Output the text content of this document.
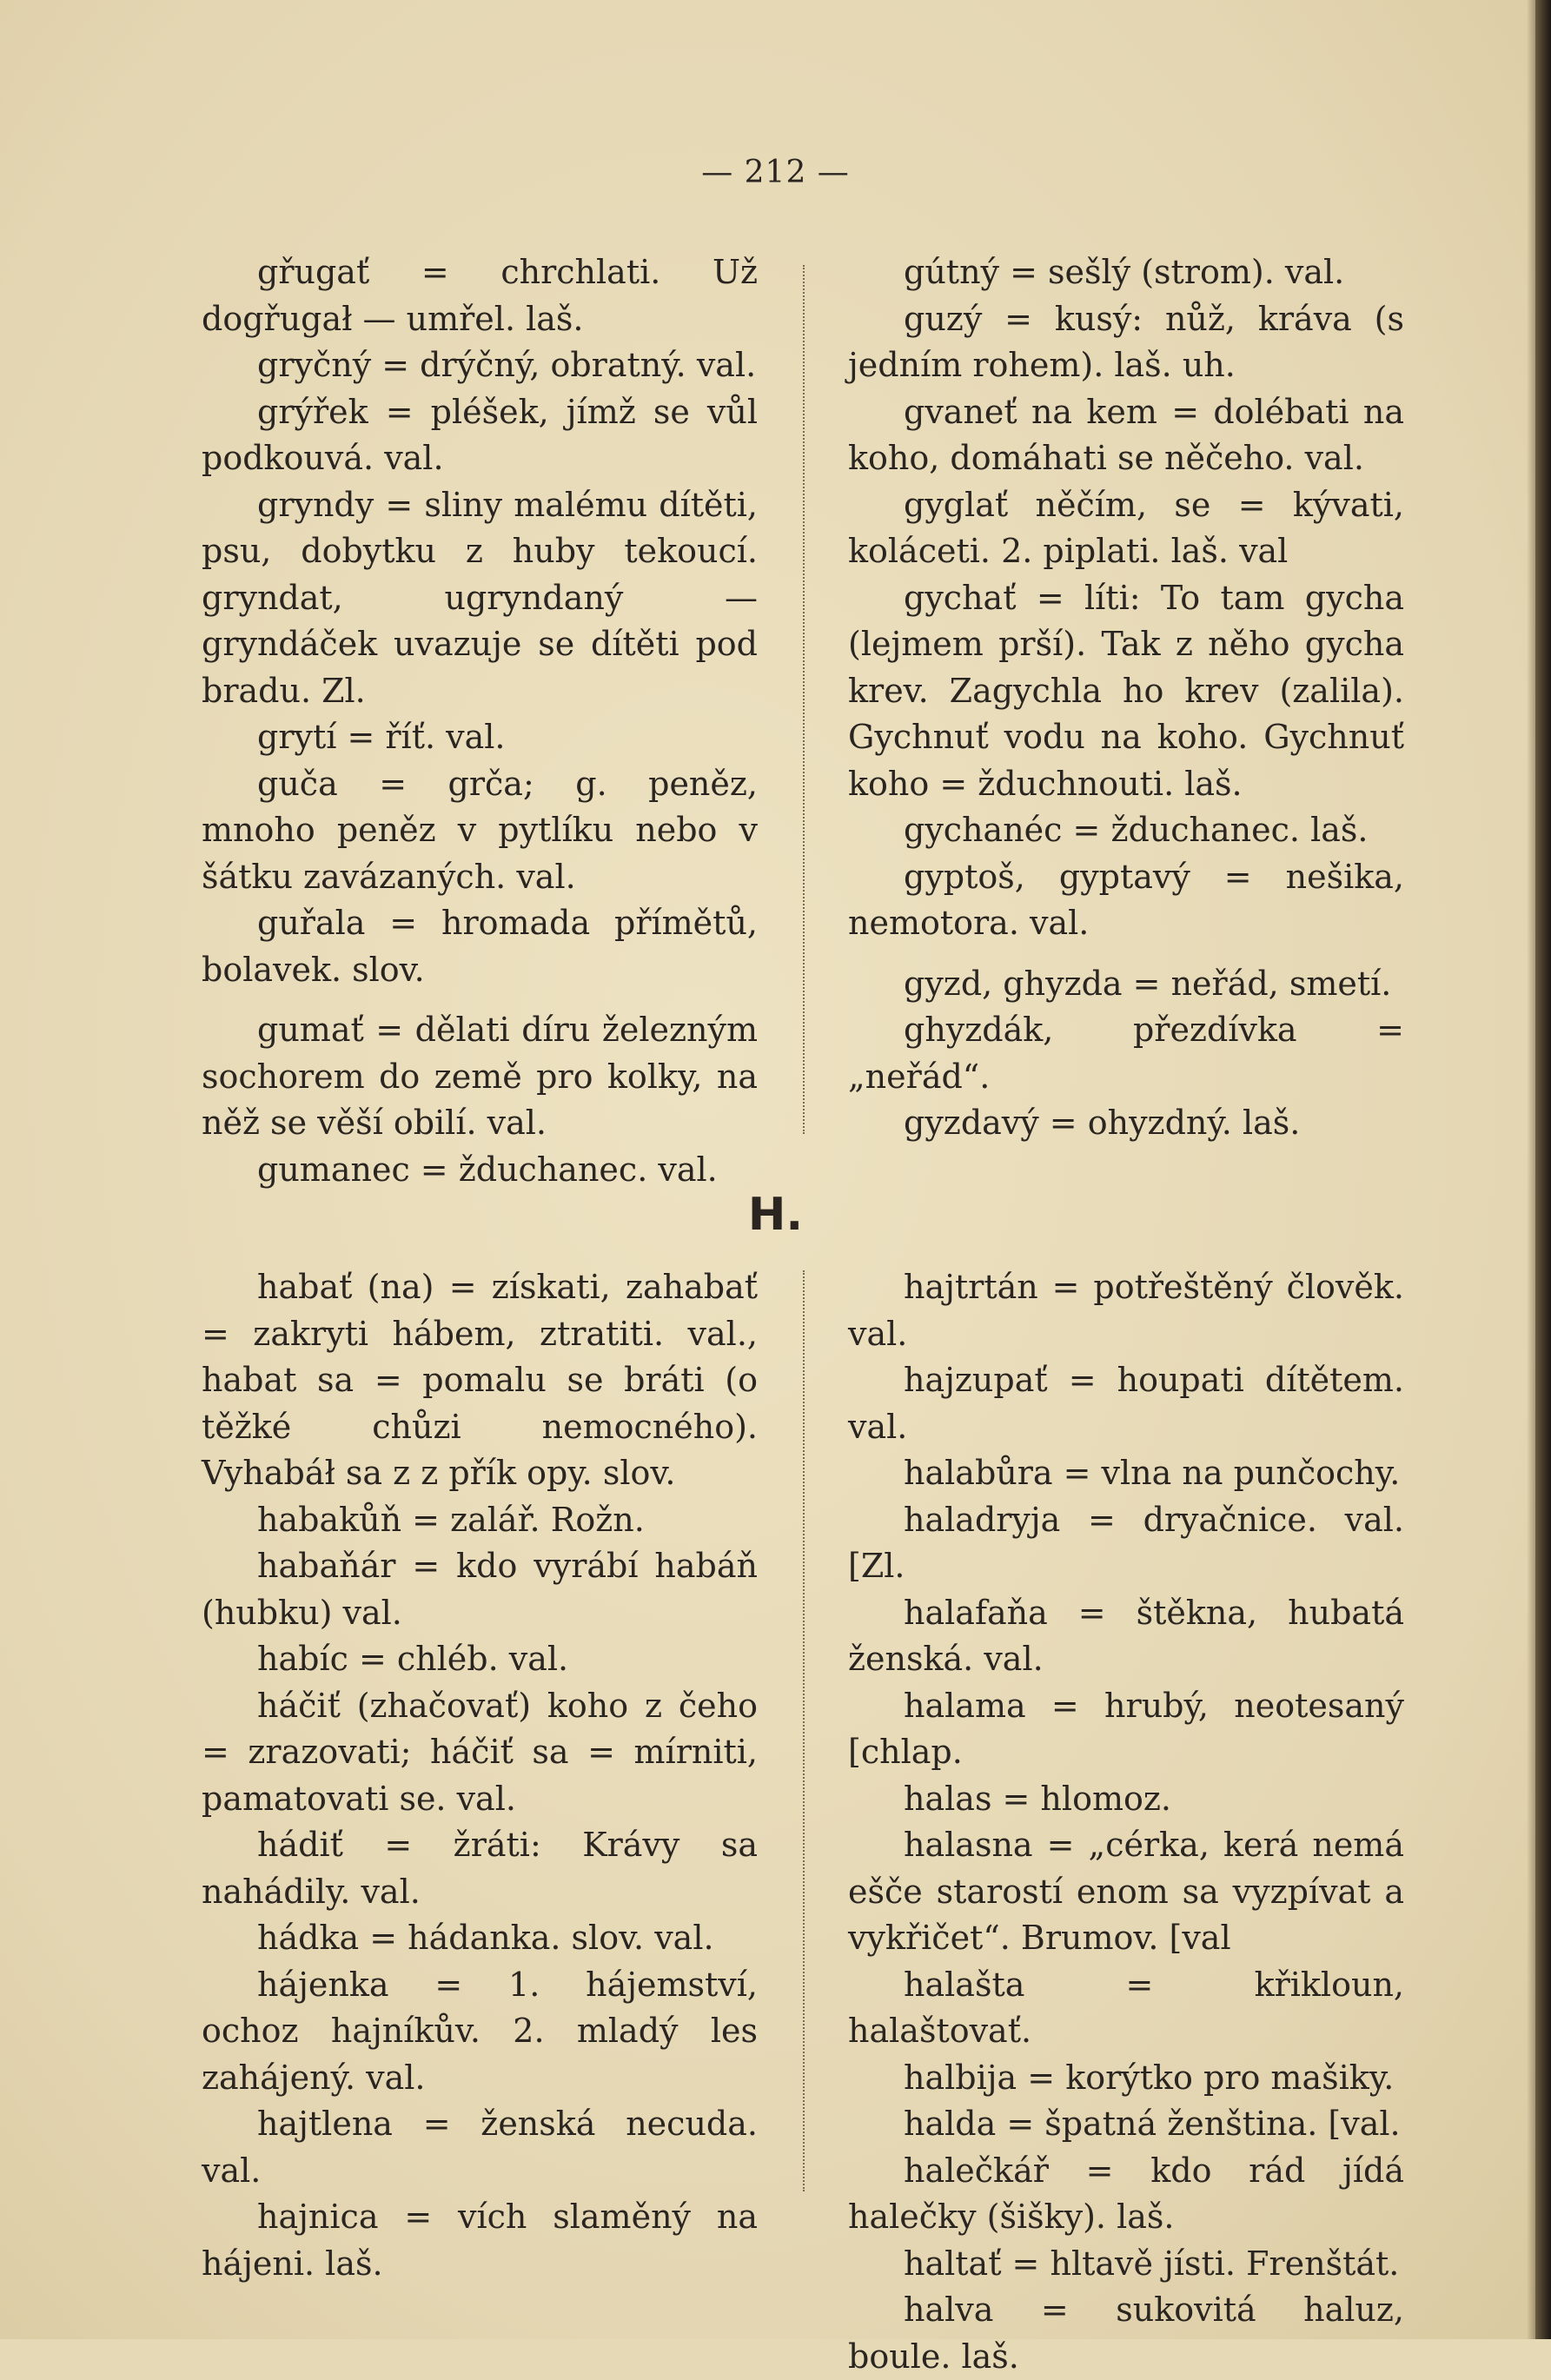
— 212 —

gřugať = chrchlati. Už dogřugał — umřel. laš.

gryčný = drýčný, obratný. val.

grýřek = pléšek, jímž se vůl podkouvá. val.

gryndy = sliny malému dítěti, psu, dobytku z huby tekoucí. gryndat, ugryndaný — gryndáček uvazuje se dítěti pod bradu. Zl.

grytí = říť. val.

guča = grča; g. peněz, mnoho peněz v pytlíku nebo v šátku zavázaných. val.

guřala = hromada přímětů, bolavek. slov.

gumať = dělati díru železným sochorem do země pro kolky, na něž se věší obilí. val.

gumanec = žduchanec. val.

gútný = sešlý (strom). val.

guzý = kusý: nůž, kráva (s jedním rohem). laš. uh.

gvaneť na kem = dolébati na koho, domáhati se něčeho. val.

gyglať něčím, se = kývati, koláceti. 2. piplati. laš. val

gychať = líti: To tam gycha (lejmem prší). Tak z něho gycha krev. Zagychla ho krev (zalila). Gychnuť vodu na koho. Gychnuť koho = žduchnouti. laš.

gychanéc = žduchanec. laš.

gyptoš, gyptavý = nešika, nemotora. val.

gyzd, ghyzda = neřád, smetí.

ghyzdák, přezdívka = „neřád“.

gyzdavý = ohyzdný. laš.

H.

habať (na) = získati, zahabať = zakryti hábem, ztratiti. val., habat sa = pomalu se bráti (o těžké chůzi nemocného). Vyhabáł sa z z přík opy. slov.

habakůň = zalář. Rožn.

habaňár = kdo vyrábí habáň (hubku) val.

habíc = chléb. val.

háčiť (zhačovať) koho z čeho = zrazovati; háčiť sa = mírniti, pamatovati se. val.

hádiť = žráti: Krávy sa nahádily. val.

hádka = hádanka. slov. val.

hájenka = 1. hájemství, ochoz hajníkův. 2. mladý les zahájený. val.

hajtlena = ženská necuda. val.

hajnica = vích slaměný na hájeni. laš.

hajtrtán = potřeštěný člověk. val.

hajzupať = houpati dítětem. val.

halabůra = vlna na punčochy.

haladryja = dryačnice. val. [Zl.

halafaňa = štěkna, hubatá ženská. val.

halama = hrubý, neotesaný [chlap.

halas = hlomoz.

halasna = „cérka, kerá nemá ešče starostí enom sa vyzpívat a vykřičet“. Brumov. [val

halašta = křikloun, halaštovať.

halbija = korýtko pro mašiky.

halda = špatná ženština. [val.

halečkář = kdo rád jídá halečky (šišky). laš.

haltať = hltavě jísti. Frenštát.

halva = sukovitá haluz, boule. laš.
